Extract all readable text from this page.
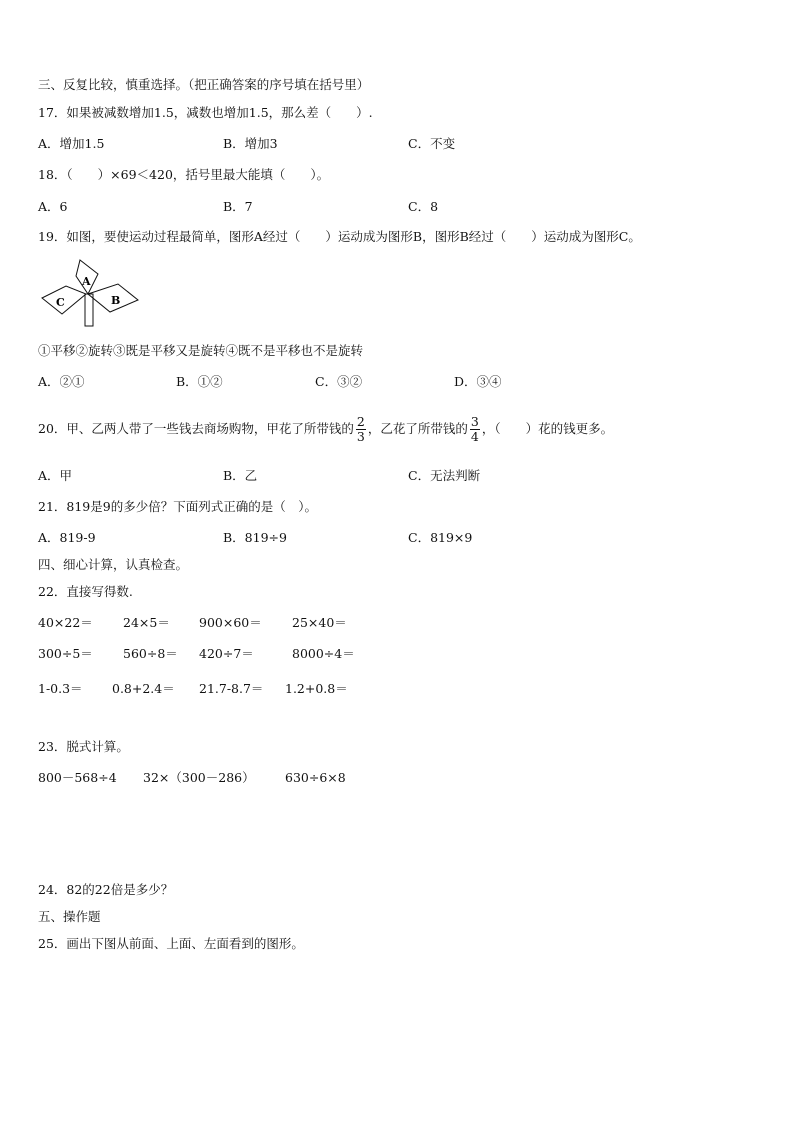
三、反复比较，慎重选择。（把正确答案的序号填在括号里）
17．如果被减数增加1.5，减数也增加1.5，那么差（　　）.
A．增加1.5	B．增加3	C．不变
18．（　　）×69＜420，括号里最大能填（　　）。
A．6	B．7	C．8
19．如图，要使运动过程最简单，图形A经过（　　）运动成为图形B，图形B经过（　　）运动成为图形C。
A
B
C
①平移②旋转③既是平移又是旋转④既不是平移也不是旋转
A．②①	B．①②	C．③②	D．③④
20．甲、乙两人带了一些钱去商场购物，甲花了所带钱的 $\frac{2}{3}$ ，乙花了所带钱的 $\frac{3}{4}$ ，（　　）花的钱更多。
A．甲	B．乙	C．无法判断
21．819是9的多少倍？下面列式正确的是（　）。
A．819-9	B．819÷9	C．819×9
四、细心计算，认真检查。
22．直接写得数.
40×22＝ 24×5＝ 900×60＝ 25×40＝
300÷5＝ 560÷8＝ 420÷7＝	8000÷4＝
1-0.3＝ 0.8+2.4＝ 21.7-8.7＝ 1.2+0.8＝
23．脱式计算。
800－568÷4 32×（300－286） 630÷6×8
24．82的22倍是多少？
五、操作题
25．画出下图从前面、上面、左面看到的图形。
